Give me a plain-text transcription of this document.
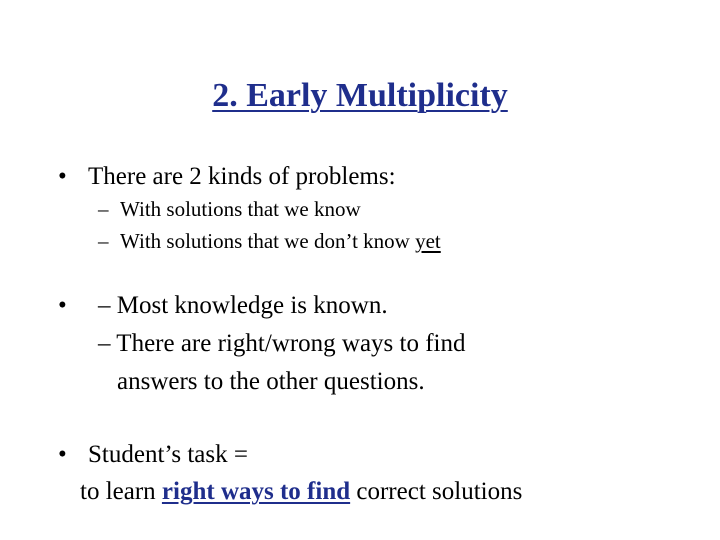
2. Early Multiplicity
• There are 2 kinds of problems:
– With solutions that we know
– With solutions that we don’t know yet
• – Most knowledge is known.
– There are right/wrong ways to find
answers to the other questions.
• Student’s task =
to learn right ways to find correct solutions
